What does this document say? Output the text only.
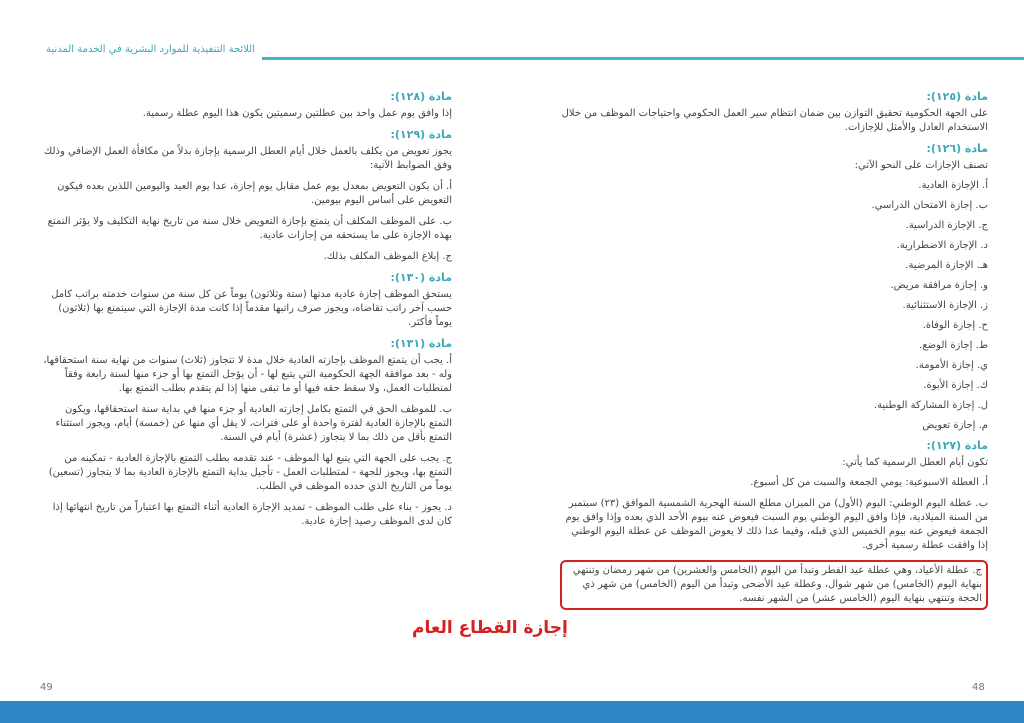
اللائحة التنفيذية للموارد البشرية في الخدمة المدنية
مادة (١٢٨):
إذا وافق يوم عمل واحد بين عطلتين رسميتين يكون هذا اليوم عطلة رسمية.
مادة (١٢٩):
يجوز تعويض من يكلف بالعمل خلال أيام العطل الرسمية بإجازة بدلاً من مكافأة العمل الإضافي وذلك وفق الضوابط الآتية:
أ. أن يكون التعويض بمعدل يوم عمل مقابل يوم إجازة، عدا يوم العيد واليومين اللذين بعده فيكون التعويض على أساس اليوم بيومين.
ب. على الموظف المكلف أن يتمتع بإجازة التعويض خلال سنة من تاريخ نهاية التكليف ولا يؤثر التمتع بهذه الإجازة على ما يستحقه من إجازات عادية.
ج. إبلاغ الموظف المكلف بذلك.
مادة (١٣٠):
يستحق الموظف إجازة عادية مدتها (ستة وثلاثون) يوماً عن كل سنة من سنوات خدمته براتب كامل حسب آخر راتب تقاضاه، ويجوز صرف راتبها مقدماً إذا كانت مدة الإجازة التي سيتمتع بها (ثلاثون) يوماً فأكثر.
مادة (١٣١):
أ. يجب أن يتمتع الموظف بإجازته العادية خلال مدة لا تتجاوز (ثلاث) سنوات من نهاية سنة استحقاقها، وله - بعد موافقة الجهة الحكومية التي يتبع لها - أن يؤجل التمتع بها أو جزء منها لسنة رابعة وفقاً لمتطلبات العمل، ولا سقط حقه فيها أو ما تبقى منها إذا لم يتقدم بطلب التمتع بها.
ب. للموظف الحق في التمتع بكامل إجازته العادية أو جزء منها في بداية سنة استحقاقها، ويكون التمتع بالإجازة العادية لفترة واحدة أو على فترات، لا يقل أي منها عن (خمسة) أيام، ويجوز استثناء التمتع بأقل من ذلك بما لا يتجاوز (عشرة) أيام في السنة.
ج. يجب على الجهة التي يتبع لها الموظف - عند تقدمه بطلب التمتع بالإجازة العادية - تمكينه من التمتع بها، ويجوز للجهة - لمتطلبات العمل - تأجيل بداية التمتع بالإجازة العادية بما لا يتجاوز (تسعين) يوماً من التاريخ الذي حدده الموظف في الطلب.
د. يجوز - بناء على طلب الموظف - تمديد الإجازة العادية أثناء التمتع بها اعتباراً من تاريخ انتهائها إذا كان لدى الموظف رصيد إجازة عادية.
مادة (١٢٥):
على الجهة الحكومية تحقيق التوازن بين ضمان انتظام سير العمل الحكومي واحتياجات الموظف من خلال الاستخدام العادل والأمثل للإجازات.
مادة (١٢٦):
تصنف الإجازات على النحو الآتي:
أ. الإجازة العادية.
ب. إجازة الامتحان الدراسي.
ج. الإجازة الدراسية.
د. الإجازة الاضطرارية.
هـ. الإجازة المرضية.
و. إجازة مرافقة مريض.
ز. الإجازة الاستثنائية.
ح. إجازة الوفاة.
ط. إجازة الوضع.
ي. إجازة الأمومة.
ك. إجازة الأبوة.
ل. إجازة المشاركة الوطنية.
م. إجازة تعويض
مادة (١٢٧):
تكون أيام العطل الرسمية كما يأتي:
أ. العطلة الاسبوعية: يومي الجمعة والسبت من كل أسبوع.
ب. عطلة اليوم الوطني: اليوم (الأول) من الميزان مطلع السنة الهجرية الشمسية الموافق (٢٣) سبتمبر من السنة الميلادية، فإذا وافق اليوم الوطني يوم السبت فيعوض عنه بيوم الأحد الذي بعده وإذا وافق يوم الجمعة فيعوض عنه بيوم الخميس الذي قبله، وفيما عدا ذلك لا يعوض الموظف عن عطلة اليوم الوطني إذا وافقت عطلة رسمية أخرى.
ج. عطلة الأعياد، وهي عطلة عيد الفطر وتبدأ من اليوم (الخامس والعشرين) من شهر رمضان وتنتهي بنهاية اليوم (الخامس) من شهر شوال، وعطلة عيد الأضحى وتبدأ من اليوم (الخامس) من شهر ذي الحجة وتنتهي بنهاية اليوم (الخامس عشر) من الشهر نفسه.
إجازة القطاع العام
49	48
